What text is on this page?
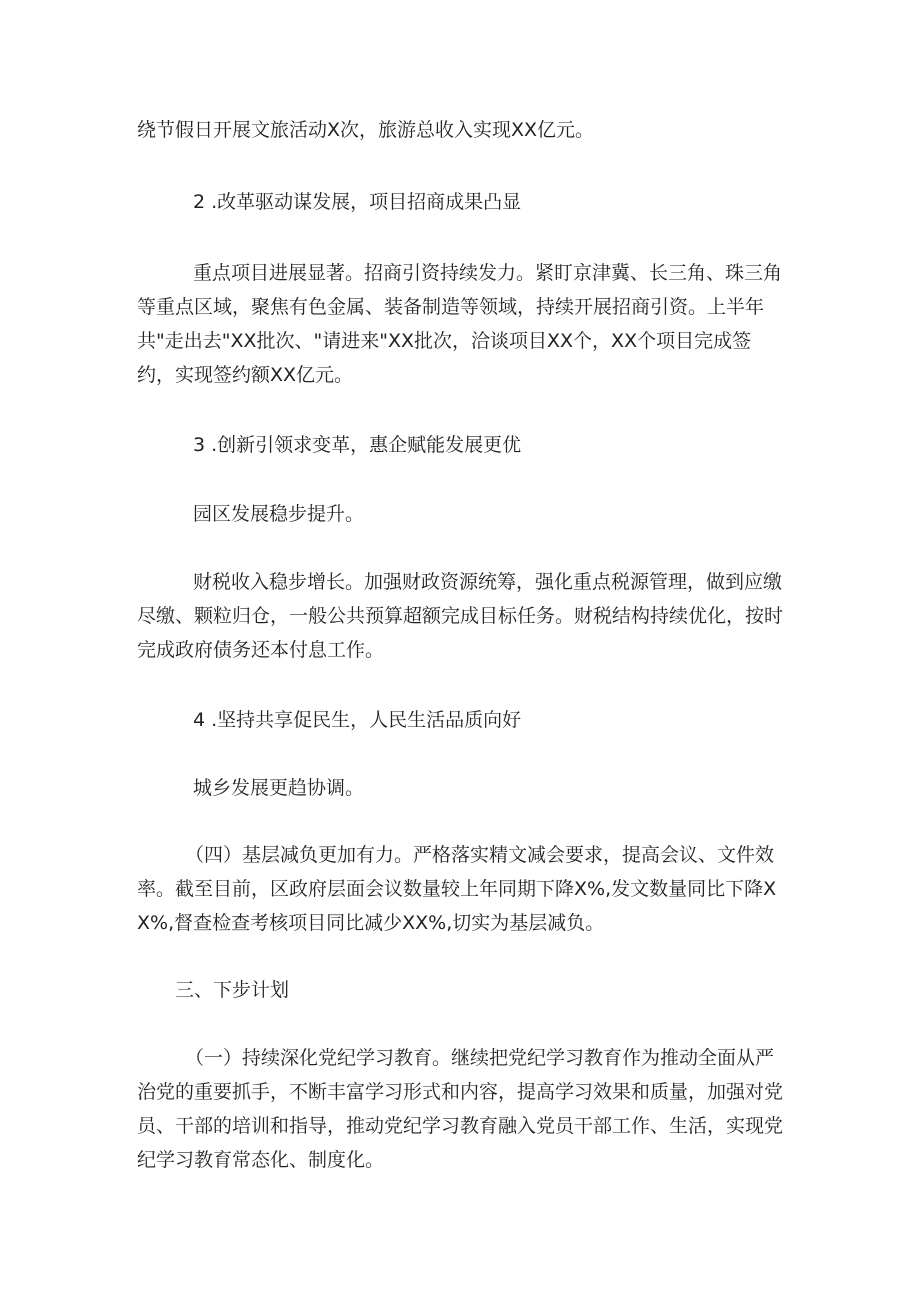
绕节假日开展文旅活动X次，旅游总收入实现XX亿元。

2 .改革驱动谋发展，项目招商成果凸显

重点项目进展显著。招商引资持续发力。紧盯京津冀、长三角、珠三角等重点区域，聚焦有色金属、装备制造等领域，持续开展招商引资。上半年共"走出去"XX批次、"请进来"XX批次，洽谈项目XX个，XX个项目完成签约，实现签约额XX亿元。

3 .创新引领求变革，惠企赋能发展更优

园区发展稳步提升。

财税收入稳步增长。加强财政资源统筹，强化重点税源管理，做到应缴尽缴、颗粒归仓，一般公共预算超额完成目标任务。财税结构持续优化，按时完成政府债务还本付息工作。

4 .坚持共享促民生，人民生活品质向好

城乡发展更趋协调。

（四）基层减负更加有力。严格落实精文减会要求，提高会议、文件效率。截至目前，区政府层面会议数量较上年同期下降X%,发文数量同比下降XX%,督查检查考核项目同比减少XX%,切实为基层减负。

三、下步计划

（一）持续深化党纪学习教育。继续把党纪学习教育作为推动全面从严治党的重要抓手，不断丰富学习形式和内容，提高学习效果和质量，加强对党员、干部的培训和指导，推动党纪学习教育融入党员干部工作、生活，实现党纪学习教育常态化、制度化。
